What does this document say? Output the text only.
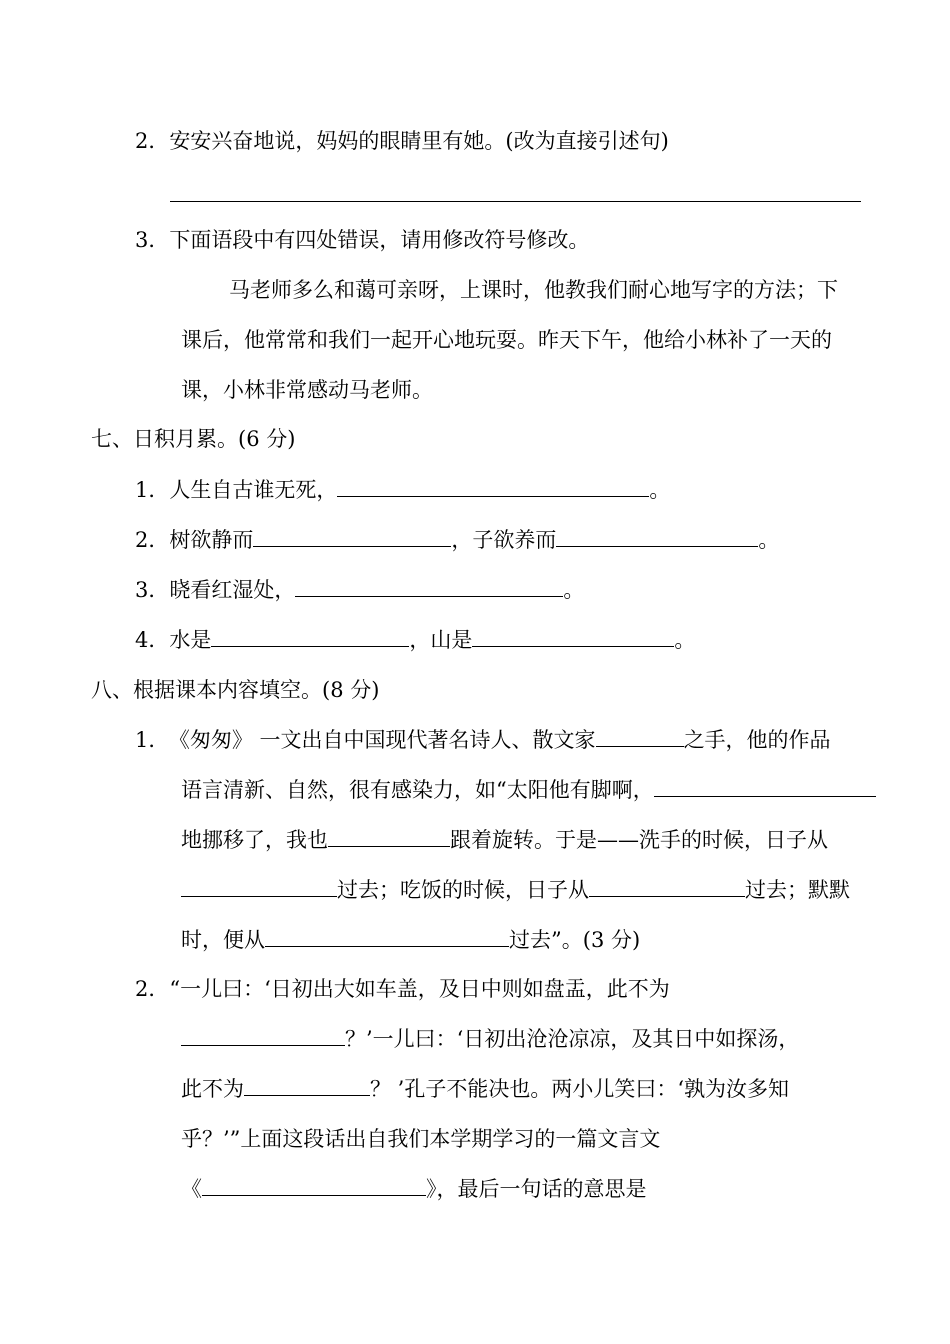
2．安安兴奋地说，妈妈的眼睛里有她。(改为直接引述句)
3．下面语段中有四处错误，请用修改符号修改。
马老师多么和蔼可亲呀，上课时，他教我们耐心地写字的方法；下
课后，他常常和我们一起开心地玩耍。昨天下午，他给小林补了一天的
课，小林非常感动马老师。
七、日积月累。(6 分)
1．人生自古谁无死，	。
2．树欲静而	，子欲养而	。
3．晓看红湿处，	。
4．水是	，山是	。
八、根据课本内容填空。(8 分)
1． 《匆匆》 一文出自中国现代著名诗人、散文家	之手，他的作品
语言清新、自然，很有感染力，如“太阳他有脚啊，
地挪移了，我也	跟着旋转。于是——洗手的时候，日子从
过去；吃饭的时候，日子从	过去；默默
时，便从	过去”。(3 分)
2．“一儿曰：‘日初出大如车盖，及日中则如盘盂，此不为
？’一儿曰：‘日初出沧沧凉凉，及其日中如探汤，
此不为	？ ’孔子不能决也。两小儿笑曰：‘孰为汝多知
乎？’”上面这段话出自我们本学期学习的一篇文言文
《	》，最后一句话的意思是
